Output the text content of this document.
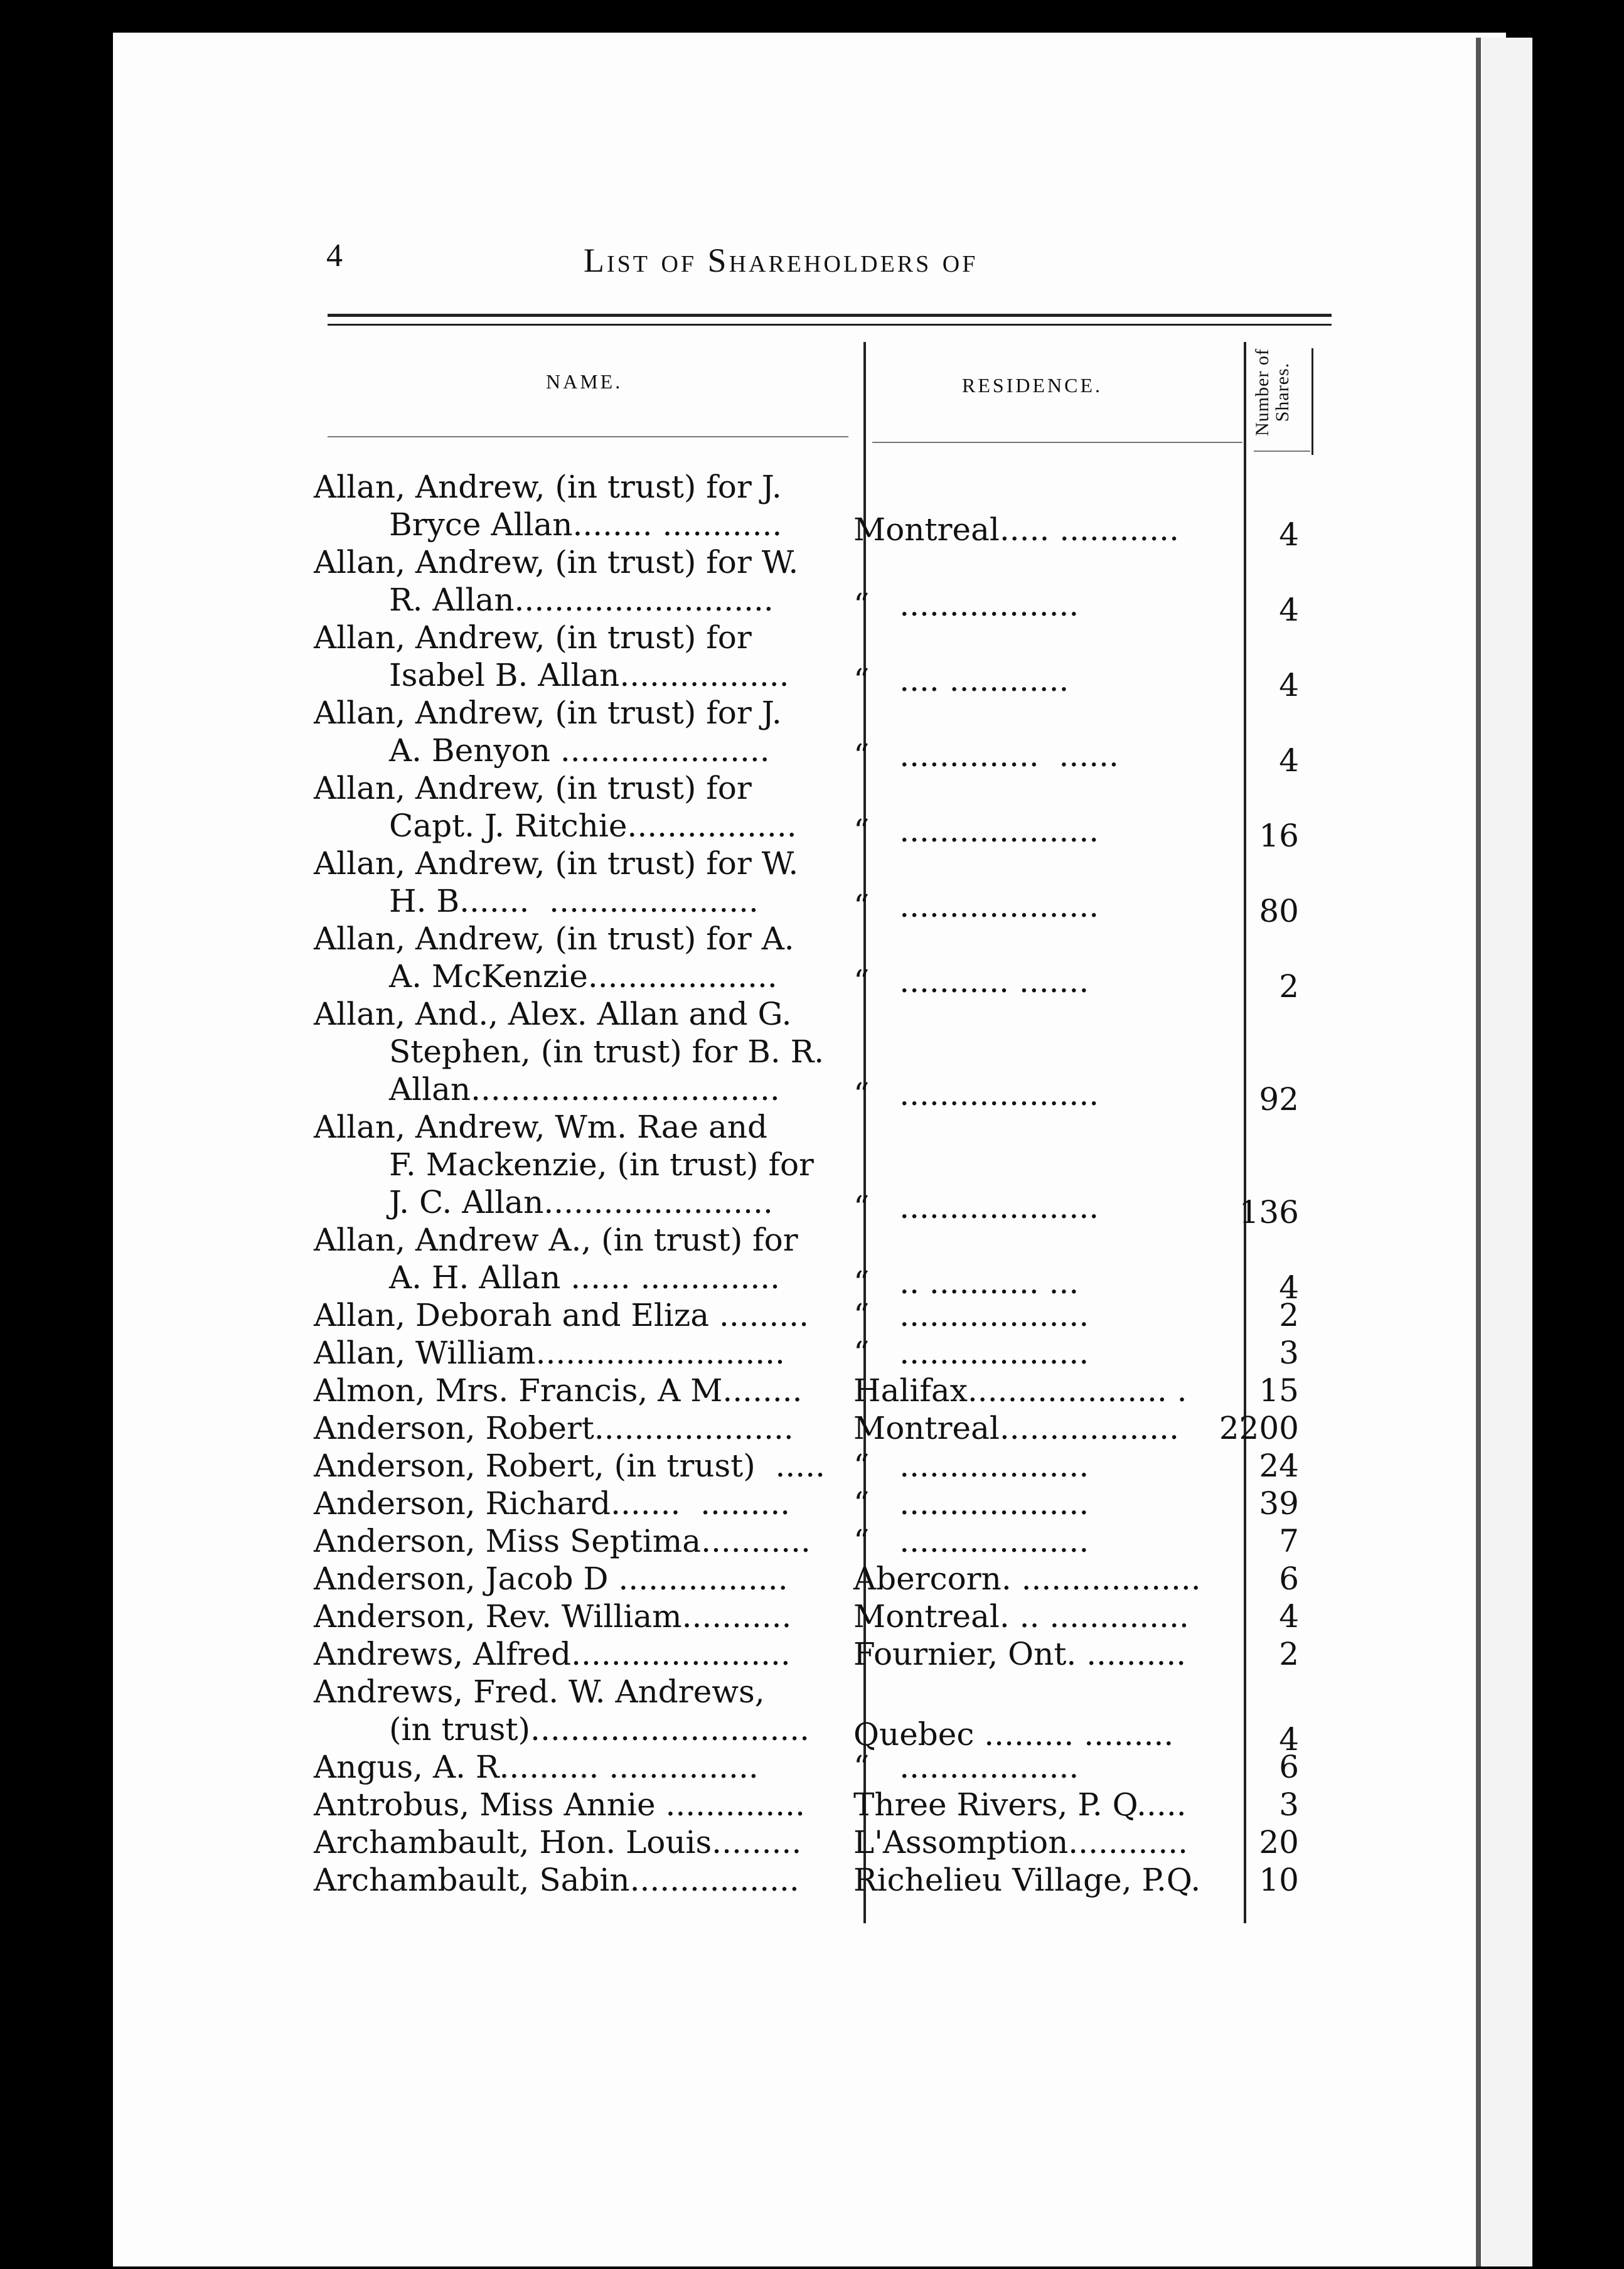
4	List of Shareholders of
NAME.	RESIDENCE.	Number of Shares.
Allan, Andrew, (in trust) for J.
Bryce Allan........ ............ Montreal..... ............	4
Allan, Andrew, (in trust) for W.
R. Allan..........................	“   ..................	4
Allan, Andrew, (in trust) for
Isabel B. Allan................. “   .... ............	4
Allan, Andrew, (in trust) for J.
A. Benyon .....................	“   ..............  ......	4
Allan, Andrew, (in trust) for
Capt. J. Ritchie................. “   ....................	16
Allan, Andrew, (in trust) for W.
H. B.......  .....................	“   ....................	80
Allan, Andrew, (in trust) for A.
A. McKenzie................... “   ........... .......	2
Allan, And., Alex. Allan and G.
Stephen, (in trust) for B. R.
Allan............................... “   ....................	92
Allan, Andrew, Wm. Rae and
F. Mackenzie, (in trust) for
J. C. Allan.......................	“   ....................	136
Allan, Andrew A., (in trust) for
A. H. Allan ...... .............. “   .. ........... ...	4
Allan, Deborah and Eliza ......... “   ...................	2
Allan, William......................... “   ...................	3
Almon, Mrs. Francis, A M........ Halifax.................... .	15
Anderson, Robert.................... Montreal..................	2200
Anderson, Robert, (in trust)  ..... “   ...................	24
Anderson, Richard.......  ......... “   ...................	39
Anderson, Miss Septima........... “   ...................	7
Anderson, Jacob D ................. Abercorn. ..................	6
Anderson, Rev. William........... Montreal. .. ..............	4
Andrews, Alfred...................... Fournier, Ont. ..........	2
Andrews, Fred. W. Andrews,
(in trust)............................ Quebec ......... .........	4
Angus, A. R.......... ...............	“   ..................	6
Antrobus, Miss Annie .............. Three Rivers, P. Q.....	3
Archambault, Hon. Louis......... L'Assomption............	20
Archambault, Sabin................. Richelieu Village, P.Q.	10
